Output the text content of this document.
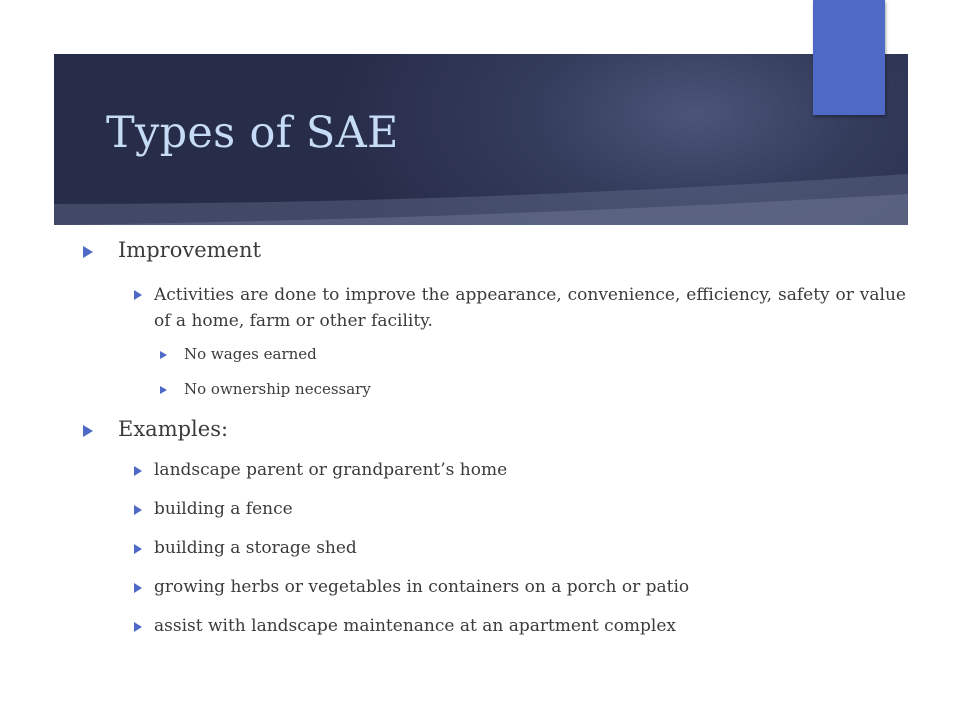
Types of SAE

Improvement

Activities are done to improve the appearance, convenience, efficiency, safety or value of a home, farm or other facility.

No wages earned

No ownership necessary

Examples:

landscape parent or grandparent’s home

building a fence

building a storage shed

growing herbs or vegetables in containers on a porch or patio

assist with landscape maintenance at an apartment complex
